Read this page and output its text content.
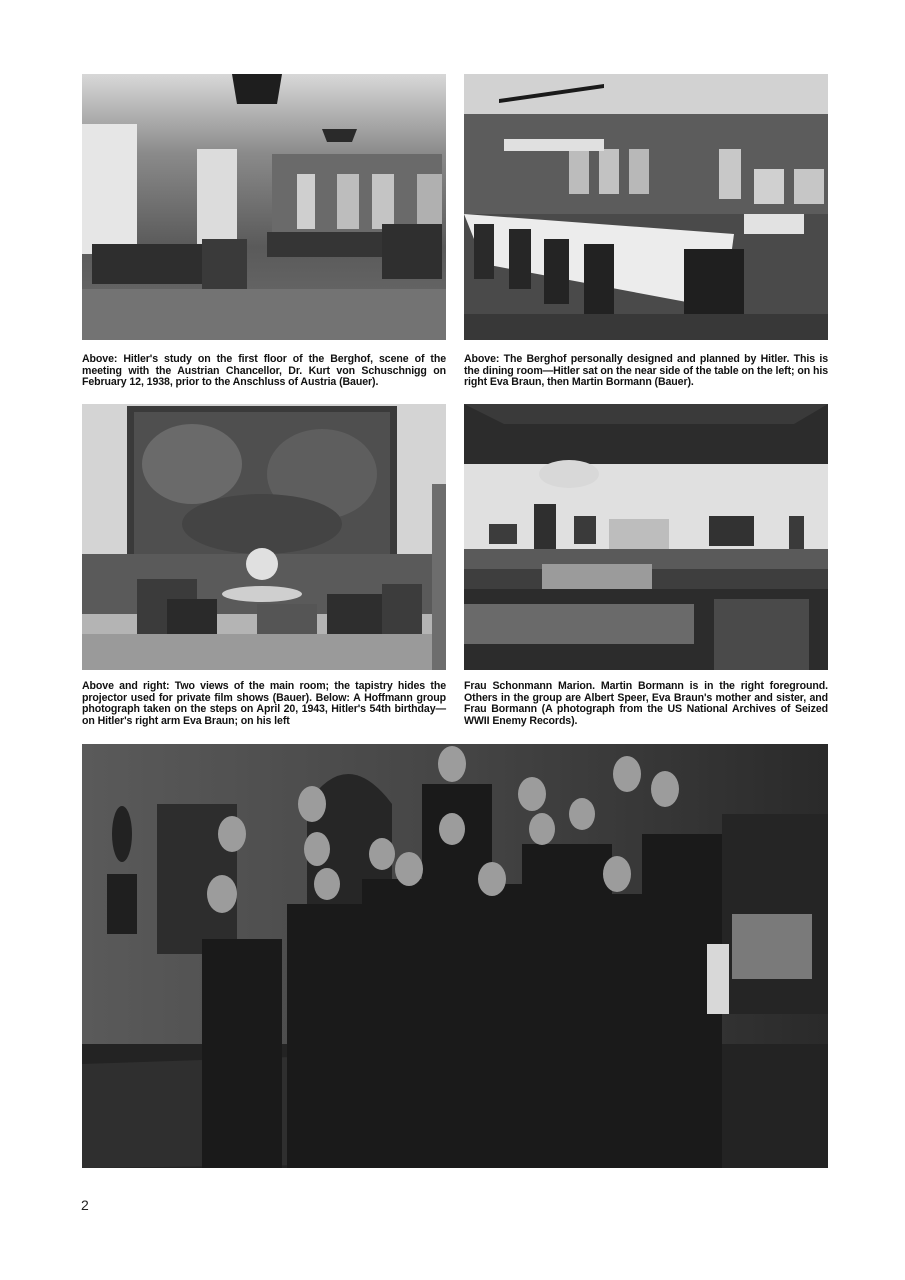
Above: Hitler's study on the first floor of the Berghof, scene of the meeting with the Austrian Chancellor, Dr. Kurt von Schuschnigg on February 12, 1938, prior to the Anschluss of Austria (Bauer).

Above: The Berghof personally designed and planned by Hitler. This is the dining room—Hitler sat on the near side of the table on the left; on his right Eva Braun, then Martin Bormann (Bauer).

Above and right: Two views of the main room; the tapistry hides the projector used for private film shows (Bauer). Below: A Hoffmann group photograph taken on the steps on April 20, 1943, Hitler's 54th birthday—on Hitler's right arm Eva Braun; on his left

Frau Schonmann Marion. Martin Bormann is in the right foreground. Others in the group are Albert Speer, Eva Braun's mother and sister, and Frau Bormann (A photograph from the US National Archives of Seized WWII Enemy Records).

2
